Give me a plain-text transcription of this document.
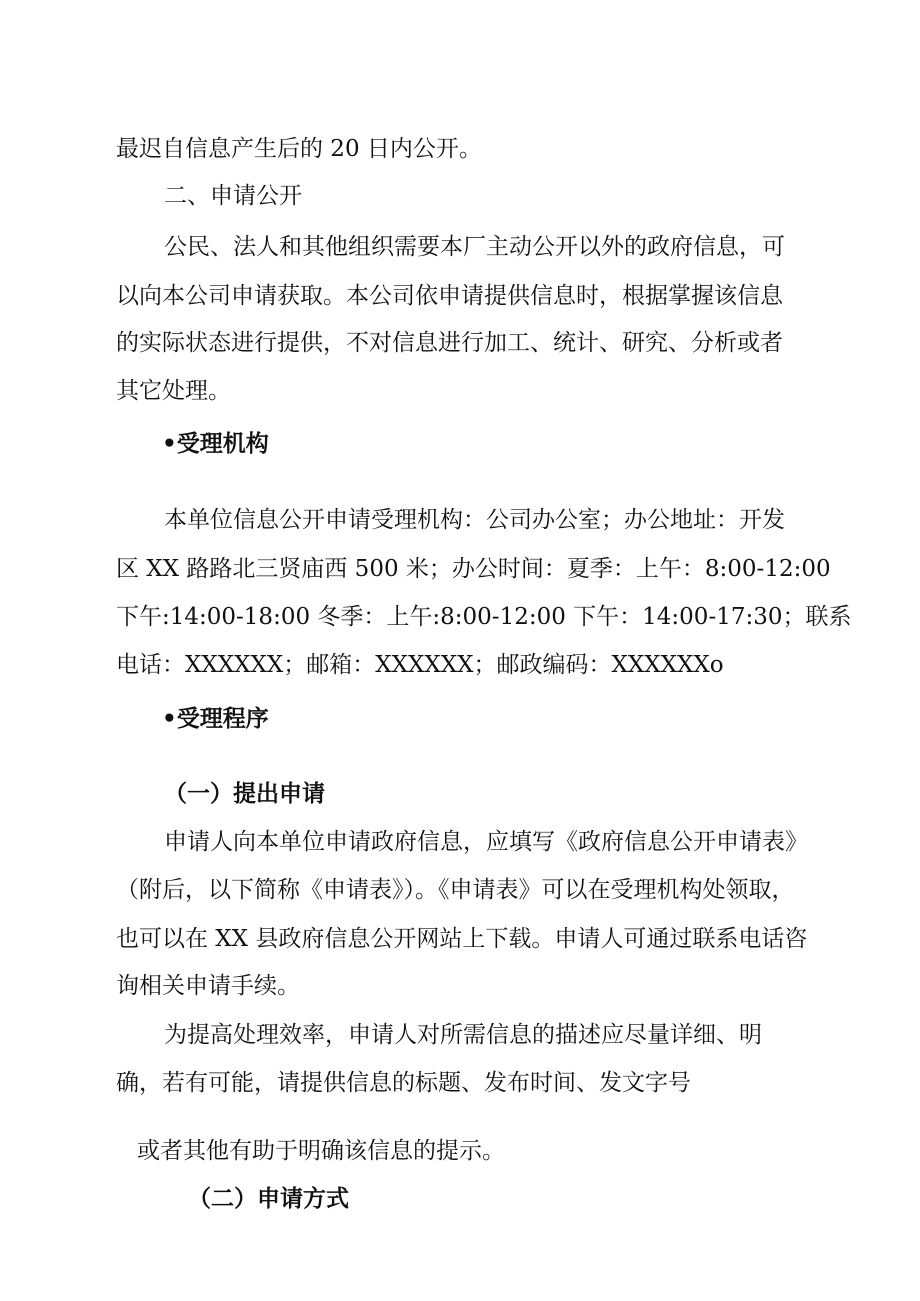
最迟自信息产生后的 20 日内公开。

二、申请公开

公民、法人和其他组织需要本厂主动公开以外的政府信息，可

以向本公司申请获取。本公司依申请提供信息时，根据掌握该信息

的实际状态进行提供，不对信息进行加工、统计、研究、分析或者

其它处理。

•受理机构

本单位信息公开申请受理机构：公司办公室；办公地址：开发

区 XX 路路北三贤庙西 500 米；办公时间：夏季：上午：8:00-12:00

下午:14:00-18:00 冬季：上午:8:00-12:00 下午：14:00-17:30；联系

电话：XXXXXX；邮箱：XXXXXX；邮政编码：XXXXXXo

•受理程序

（一）提出申请

申请人向本单位申请政府信息，应填写《政府信息公开申请表》

（附后，以下简称《申请表》）。《申请表》可以在受理机构处领取，

也可以在 XX 县政府信息公开网站上下载。申请人可通过联系电话咨

询相关申请手续。

为提高处理效率，申请人对所需信息的描述应尽量详细、明

确，若有可能，请提供信息的标题、发布时间、发文字号

或者其他有助于明确该信息的提示。

（二）申请方式
